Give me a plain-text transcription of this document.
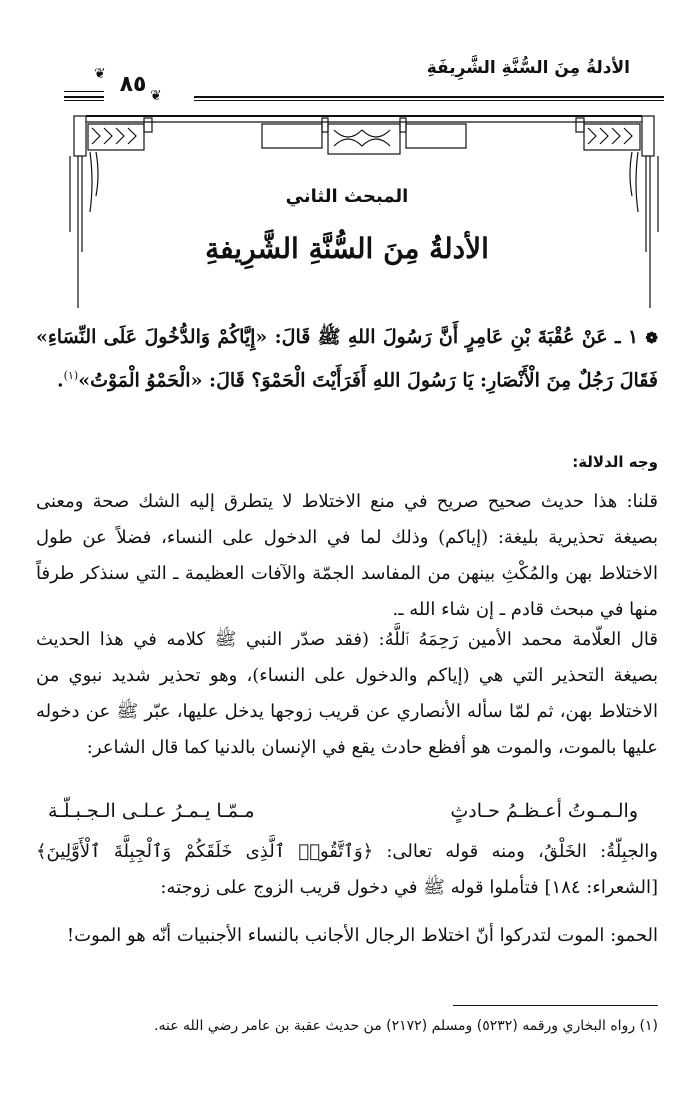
الأدلةُ مِنَ السُّنَّةِ الشَّرِيفَةِ
❦
❦
٨٥
المبحث الثاني
الأدلةُ مِنَ السُّنَّةِ الشَّرِيفةِ
❁ ١ ـ عَنْ عُقْبَةَ بْنِ عَامِرٍ أَنَّ رَسُولَ اللهِ ﷺ قَالَ: «إِيَّاكُمْ وَالدُّخُولَ عَلَى النِّسَاءِ» فَقَالَ رَجُلٌ مِنَ الْأَنْصَارِ: يَا رَسُولَ اللهِ أَفَرَأَيْتَ الْحَمْوَ؟ قَالَ: «الْحَمْوُ الْمَوْتُ»$^{(١)}$.
وجه الدلالة:
قلنا: هذا حديث صحيح صريح في منع الاختلاط لا يتطرق إليه الشك صحة ومعنى بصيغة تحذيرية بليغة: (إياكم) وذلك لما في الدخول على النساء، فضلاً عن طول الاختلاط بهن والمُكْثِ بينهن من المفاسد الجمّة والآفات العظيمة ـ التي سنذكر طرفاً منها في مبحث قادم ـ إن شاء الله ـ.
قال العلّامة محمد الأمين رَحِمَهُ ٱللَّهُ: (فقد صدّر النبي ﷺ كلامه في هذا الحديث بصيغة التحذير التي هي (إياكم والدخول على النساء)، وهو تحذير شديد نبوي من الاختلاط بهن، ثم لمّا سأله الأنصاري عن قريب زوجها يدخل عليها، عبّر ﷺ عن دخوله عليها بالموت، والموت هو أفظع حادث يقع في الإنسان بالدنيا كما قال الشاعر:
والـمـوتُ أعـظـمُ حـادثٍ
مـمّـا يـمـرُ عـلـى الـجـبـلّـة
والجبِلّةُ: الخَلْقُ، ومنه قوله تعالى: ﴿وَٱتَّقُوا۟ ٱلَّذِى خَلَقَكُمْ وَٱلْجِبِلَّةَ ٱلْأَوَّلِينَ﴾ [الشعراء: ١٨٤] فتأملوا قوله ﷺ في دخول قريب الزوج على زوجته:
الحمو: الموت لتدركوا أنّ اختلاط الرجال الأجانب بالنساء الأجنبيات أنّه هو الموت!
(١) رواه البخاري ورقمه (٥٢٣٢) ومسلم (٢١٧٢) من حديث عقبة بن عامر رضي الله عنه.
